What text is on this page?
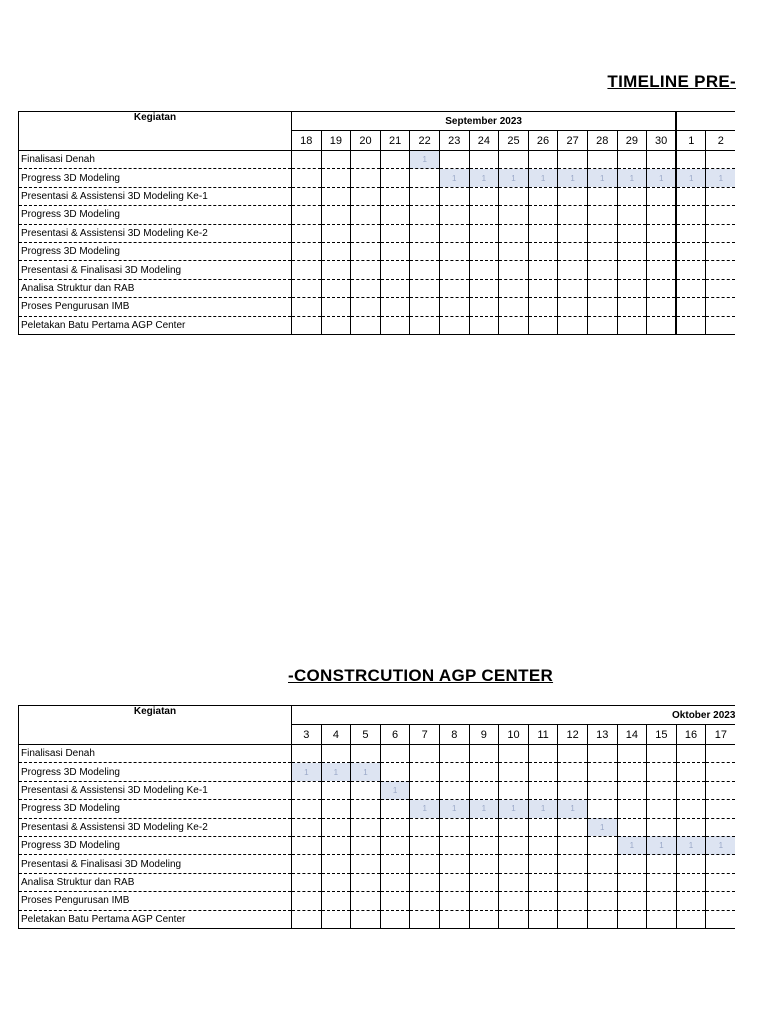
TIMELINE PRE-
Kegiatan	September 2023														
	18	19	20	21	22	23	24	25	26	27	28	29	30	1	2
Finalisasi Denah					1										
Progress 3D Modeling						1	1	1	1	1	1	1	1	1	1
Presentasi & Assistensi 3D Modeling Ke-1															
Progress 3D Modeling															
Presentasi & Assistensi 3D Modeling Ke-2															
Progress 3D Modeling															
Presentasi & Finalisasi 3D Modeling															
Analisa Struktur dan RAB															
Proses Pengurusan IMB															
Peletakan Batu Pertama AGP Center															
-CONSTRCUTION AGP CENTER
Kegiatan	Oktober 2023														
	3	4	5	6	7	8	9	10	11	12	13	14	15	16	17
Finalisasi Denah															
Progress 3D Modeling	1	1	1												
Presentasi & Assistensi 3D Modeling Ke-1				1											
Progress 3D Modeling					1	1	1	1	1	1					
Presentasi & Assistensi 3D Modeling Ke-2											1				
Progress 3D Modeling												1	1	1	1
Presentasi & Finalisasi 3D Modeling															
Analisa Struktur dan RAB															
Proses Pengurusan IMB															
Peletakan Batu Pertama AGP Center															
